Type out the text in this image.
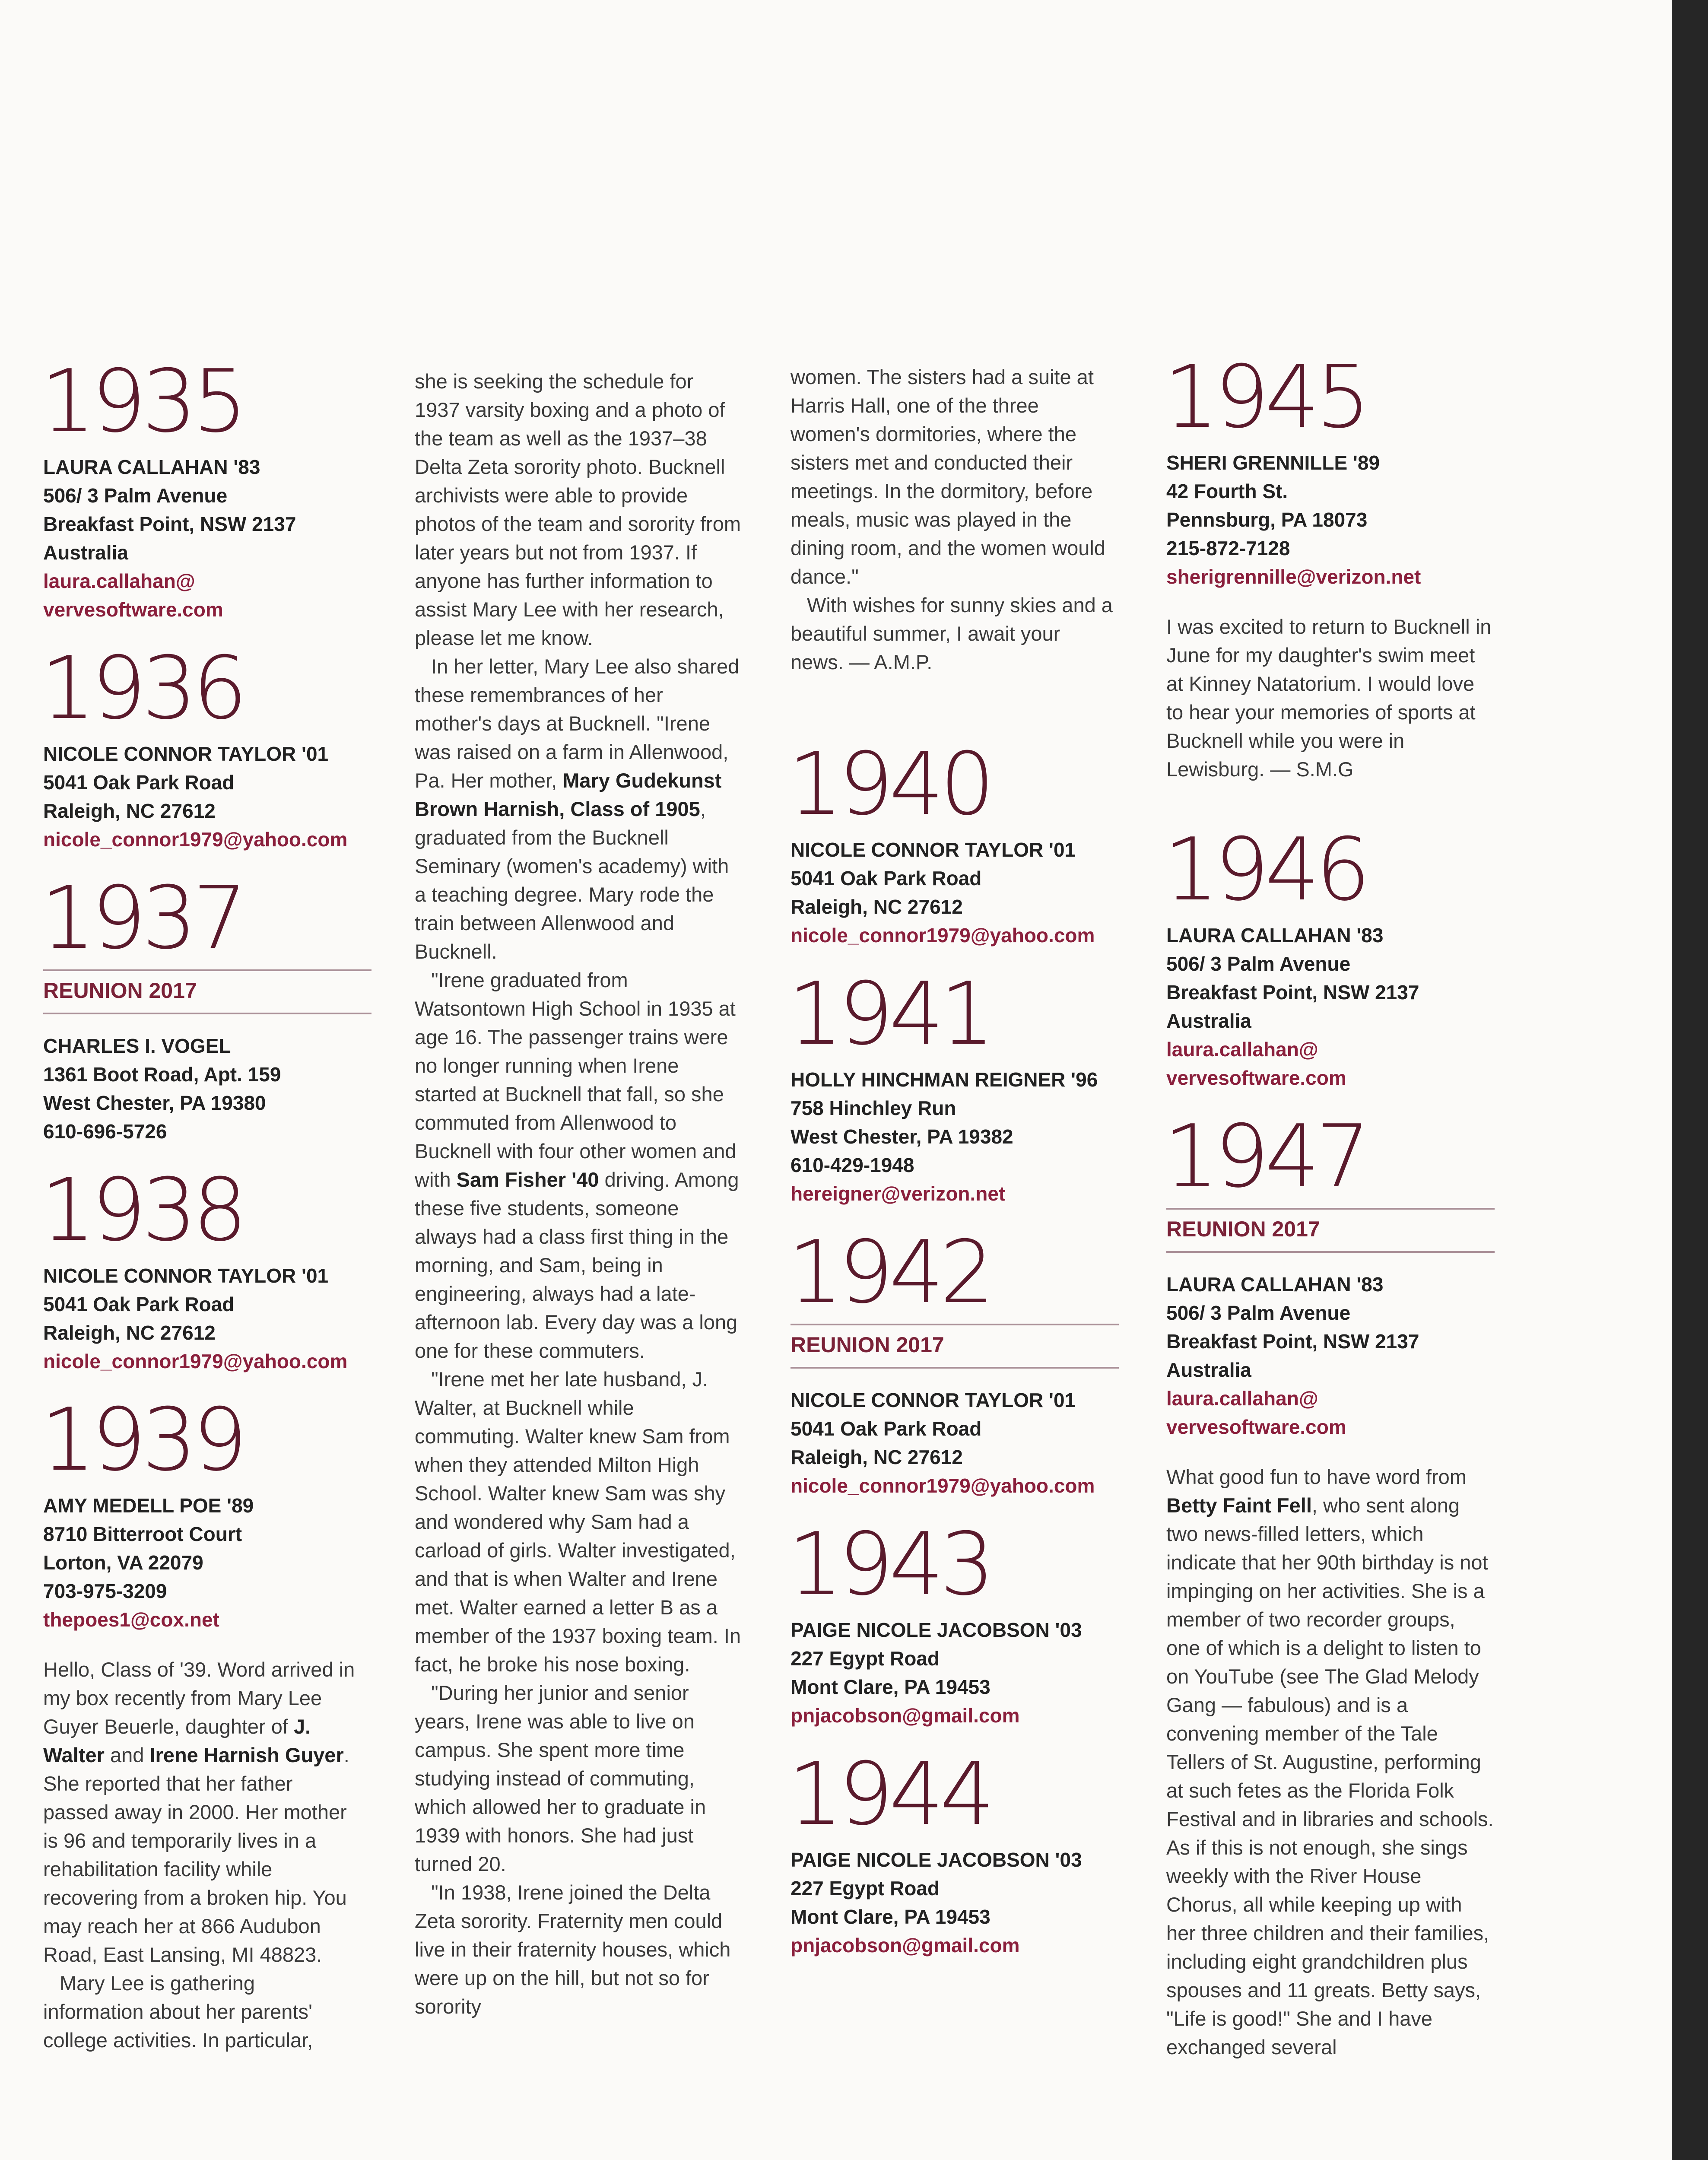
1935
LAURA CALLAHAN '83
506/ 3 Palm Avenue
Breakfast Point, NSW 2137
Australia
laura.callahan@
vervesoftware.com
1936
NICOLE CONNOR TAYLOR '01
5041 Oak Park Road
Raleigh, NC 27612
nicole_connor1979@yahoo.com
1937
REUNION 2017
CHARLES I. VOGEL
1361 Boot Road, Apt. 159
West Chester, PA 19380
610-696-5726
1938
NICOLE CONNOR TAYLOR '01
5041 Oak Park Road
Raleigh, NC 27612
nicole_connor1979@yahoo.com
1939
AMY MEDELL POE '89
8710 Bitterroot Court
Lorton, VA 22079
703-975-3209
thepoes1@cox.net

Hello, Class of '39. Word arrived in my box recently from Mary Lee Guyer Beuerle, daughter of J. Walter and Irene Harnish Guyer. She reported that her father passed away in 2000. Her mother is 96 and temporarily lives in a rehabilitation facility while recovering from a broken hip. You may reach her at 866 Audubon Road, East Lansing, MI 48823.

Mary Lee is gathering information about her parents' college activities. In particular,

she is seeking the schedule for 1937 varsity boxing and a photo of the team as well as the 1937–38 Delta Zeta sorority photo. Bucknell archivists were able to provide photos of the team and sorority from later years but not from 1937. If anyone has further information to assist Mary Lee with her research, please let me know.

In her letter, Mary Lee also shared these remembrances of her mother's days at Bucknell. "Irene was raised on a farm in Allenwood, Pa. Her mother, Mary Gudekunst Brown Harnish, Class of 1905, graduated from the Bucknell Seminary (women's academy) with a teaching degree. Mary rode the train between Allenwood and Bucknell.

"Irene graduated from Watsontown High School in 1935 at age 16. The passenger trains were no longer running when Irene started at Bucknell that fall, so she commuted from Allenwood to Bucknell with four other women and with Sam Fisher '40 driving. Among these five students, someone always had a class first thing in the morning, and Sam, being in engineering, always had a late-afternoon lab. Every day was a long one for these commuters.

"Irene met her late husband, J. Walter, at Bucknell while commuting. Walter knew Sam from when they attended Milton High School. Walter knew Sam was shy and wondered why Sam had a carload of girls. Walter investigated, and that is when Walter and Irene met. Walter earned a letter B as a member of the 1937 boxing team. In fact, he broke his nose boxing.

"During her junior and senior years, Irene was able to live on campus. She spent more time studying instead of commuting, which allowed her to graduate in 1939 with honors. She had just turned 20.

"In 1938, Irene joined the Delta Zeta sorority. Fraternity men could live in their fraternity houses, which were up on the hill, but not so for sorority

women. The sisters had a suite at Harris Hall, one of the three women's dormitories, where the sisters met and conducted their meetings. In the dormitory, before meals, music was played in the dining room, and the women would dance."

With wishes for sunny skies and a beautiful summer, I await your news. — A.M.P.

1940
NICOLE CONNOR TAYLOR '01
5041 Oak Park Road
Raleigh, NC 27612
nicole_connor1979@yahoo.com
1941
HOLLY HINCHMAN REIGNER '96
758 Hinchley Run
West Chester, PA 19382
610-429-1948
hereigner@verizon.net
1942
REUNION 2017
NICOLE CONNOR TAYLOR '01
5041 Oak Park Road
Raleigh, NC 27612
nicole_connor1979@yahoo.com
1943
PAIGE NICOLE JACOBSON '03
227 Egypt Road
Mont Clare, PA 19453
pnjacobson@gmail.com
1944
PAIGE NICOLE JACOBSON '03
227 Egypt Road
Mont Clare, PA 19453
pnjacobson@gmail.com
1945
SHERI GRENNILLE '89
42 Fourth St.
Pennsburg, PA 18073
215-872-7128
sherigrennille@verizon.net

I was excited to return to Bucknell in June for my daughter's swim meet at Kinney Natatorium. I would love to hear your memories of sports at Bucknell while you were in Lewisburg. — S.M.G

1946
LAURA CALLAHAN '83
506/ 3 Palm Avenue
Breakfast Point, NSW 2137
Australia
laura.callahan@
vervesoftware.com
1947
REUNION 2017
LAURA CALLAHAN '83
506/ 3 Palm Avenue
Breakfast Point, NSW 2137
Australia
laura.callahan@
vervesoftware.com

What good fun to have word from Betty Faint Fell, who sent along two news-filled letters, which indicate that her 90th birthday is not impinging on her activities. She is a member of two recorder groups, one of which is a delight to listen to on YouTube (see The Glad Melody Gang — fabulous) and is a convening member of the Tale Tellers of St. Augustine, performing at such fetes as the Florida Folk Festival and in libraries and schools. As if this is not enough, she sings weekly with the River House Chorus, all while keeping up with her three children and their families, including eight grandchildren plus spouses and 11 greats. Betty says, "Life is good!" She and I have exchanged several
